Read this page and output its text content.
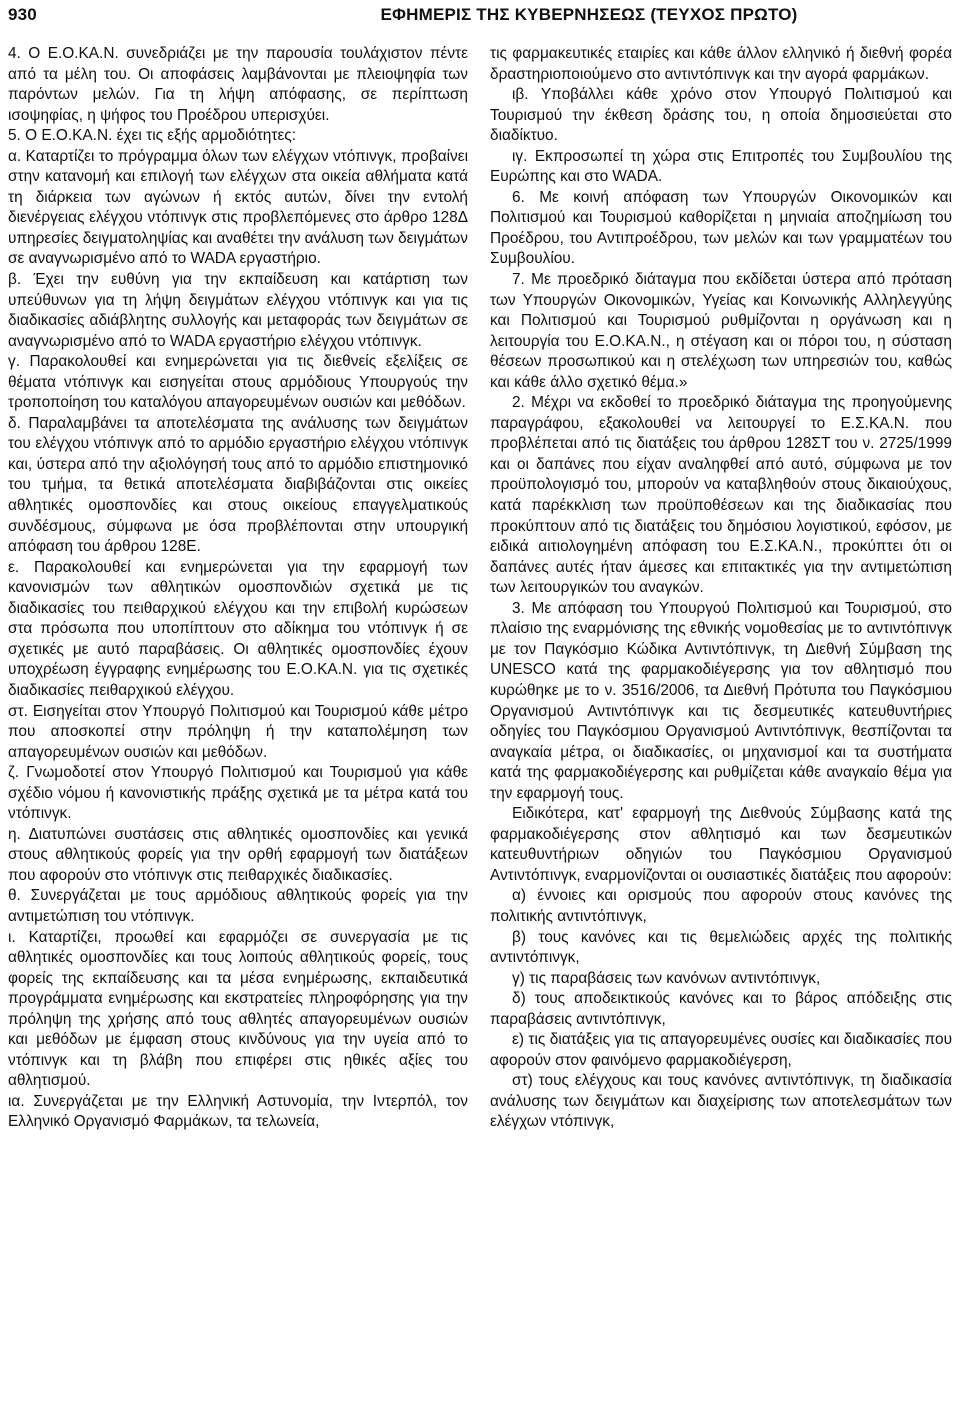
930	ΕΦΗΜΕΡΙΣ ΤΗΣ ΚΥΒΕΡΝΗΣΕΩΣ (ΤΕΥΧΟΣ ΠΡΩΤΟ)

4. Ο Ε.Ο.ΚΑ.Ν. συνεδριάζει με την παρουσία τουλάχιστον πέντε από τα μέλη του. Οι αποφάσεις λαμβάνονται με πλειοψηφία των παρόντων μελών. Για τη λήψη απόφασης, σε περίπτωση ισοψηφίας, η ψήφος του Προέδρου υπερισχύει.

5. Ο Ε.Ο.ΚΑ.Ν. έχει τις εξής αρμοδιότητες:

α. Καταρτίζει το πρόγραμμα όλων των ελέγχων ντόπινγκ, προβαίνει στην κατανομή και επιλογή των ελέγχων στα οικεία αθλήματα κατά τη διάρκεια των αγώνων ή εκτός αυτών, δίνει την εντολή διενέργειας ελέγχου ντόπινγκ στις προβλεπόμενες στο άρθρο 128Δ υπηρεσίες δειγματοληψίας και αναθέτει την ανάλυση των δειγμάτων σε αναγνωρισμένο από το WADA εργαστήριο.

β. Έχει την ευθύνη για την εκπαίδευση και κατάρτιση των υπεύθυνων για τη λήψη δειγμάτων ελέγχου ντόπινγκ και για τις διαδικασίες αδιάβλητης συλλογής και μεταφοράς των δειγμάτων σε αναγνωρισμένο από το WADA εργαστήριο ελέγχου ντόπινγκ.

γ. Παρακολουθεί και ενημερώνεται για τις διεθνείς εξελίξεις σε θέματα ντόπινγκ και εισηγείται στους αρμόδιους Υπουργούς την τροποποίηση του καταλόγου απαγορευμένων ουσιών και μεθόδων.

δ. Παραλαμβάνει τα αποτελέσματα της ανάλυσης των δειγμάτων του ελέγχου ντόπινγκ από το αρμόδιο εργαστήριο ελέγχου ντόπινγκ και, ύστερα από την αξιολόγησή τους από το αρμόδιο επιστημονικό του τμήμα, τα θετικά αποτελέσματα διαβιβάζονται στις οικείες αθλητικές ομοσπονδίες και στους οικείους επαγγελματικούς συνδέσμους, σύμφωνα με όσα προβλέπονται στην υπουργική απόφαση του άρθρου 128Ε.

ε. Παρακολουθεί και ενημερώνεται για την εφαρμογή των κανονισμών των αθλητικών ομοσπονδιών σχετικά με τις διαδικασίες του πειθαρχικού ελέγχου και την επιβολή κυρώσεων στα πρόσωπα που υποπίπτουν στο αδίκημα του ντόπινγκ ή σε σχετικές με αυτό παραβάσεις. Οι αθλητικές ομοσπονδίες έχουν υποχρέωση έγγραφης ενημέρωσης του Ε.Ο.ΚΑ.Ν. για τις σχετικές διαδικασίες πειθαρχικού ελέγχου.

στ. Εισηγείται στον Υπουργό Πολιτισμού και Τουρισμού κάθε μέτρο που αποσκοπεί στην πρόληψη ή την καταπολέμηση των απαγορευμένων ουσιών και μεθόδων.

ζ. Γνωμοδοτεί στον Υπουργό Πολιτισμού και Τουρισμού για κάθε σχέδιο νόμου ή κανονιστικής πράξης σχετικά με τα μέτρα κατά του ντόπινγκ.

η. Διατυπώνει συστάσεις στις αθλητικές ομοσπονδίες και γενικά στους αθλητικούς φορείς για την ορθή εφαρμογή των διατάξεων που αφορούν στο ντόπινγκ στις πειθαρχικές διαδικασίες.

θ. Συνεργάζεται με τους αρμόδιους αθλητικούς φορείς για την αντιμετώπιση του ντόπινγκ.

ι. Καταρτίζει, προωθεί και εφαρμόζει σε συνεργασία με τις αθλητικές ομοσπονδίες και τους λοιπούς αθλητικούς φορείς, τους φορείς της εκπαίδευσης και τα μέσα ενημέρωσης, εκπαιδευτικά προγράμματα ενημέρωσης και εκστρατείες πληροφόρησης για την πρόληψη της χρήσης από τους αθλητές απαγορευμένων ουσιών και μεθόδων με έμφαση στους κινδύνους για την υγεία από το ντόπινγκ και τη βλάβη που επιφέρει στις ηθικές αξίες του αθλητισμού.

ια. Συνεργάζεται με την Ελληνική Αστυνομία, την Ιντερπόλ, τον Ελληνικό Οργανισμό Φαρμάκων, τα τελωνεία,

τις φαρμακευτικές εταιρίες και κάθε άλλον ελληνικό ή διεθνή φορέα δραστηριοποιούμενο στο αντιντόπινγκ και την αγορά φαρμάκων.

ιβ. Υποβάλλει κάθε χρόνο στον Υπουργό Πολιτισμού και Τουρισμού την έκθεση δράσης του, η οποία δημοσιεύεται στο διαδίκτυο.

ιγ. Εκπροσωπεί τη χώρα στις Επιτροπές του Συμβουλίου της Ευρώπης και στο WADA.

6. Με κοινή απόφαση των Υπουργών Οικονομικών και Πολιτισμού και Τουρισμού καθορίζεται η μηνιαία αποζημίωση του Προέδρου, του Αντιπροέδρου, των μελών και των γραμματέων του Συμβουλίου.

7. Με προεδρικό διάταγμα που εκδίδεται ύστερα από πρόταση των Υπουργών Οικονομικών, Υγείας και Κοινωνικής Αλληλεγγύης και Πολιτισμού και Τουρισμού ρυθμίζονται η οργάνωση και η λειτουργία του Ε.Ο.ΚΑ.Ν., η στέγαση και οι πόροι του, η σύσταση θέσεων προσωπικού και η στελέχωση των υπηρεσιών του, καθώς και κάθε άλλο σχετικό θέμα.»

2. Μέχρι να εκδοθεί το προεδρικό διάταγμα της προηγούμενης παραγράφου, εξακολουθεί να λειτουργεί το Ε.Σ.ΚΑ.Ν. που προβλέπεται από τις διατάξεις του άρθρου 128ΣΤ του ν. 2725/1999 και οι δαπάνες που είχαν αναληφθεί από αυτό, σύμφωνα με τον προϋπολογισμό του, μπορούν να καταβληθούν στους δικαιούχους, κατά παρέκκλιση των προϋποθέσεων και της διαδικασίας που προκύπτουν από τις διατάξεις του δημόσιου λογιστικού, εφόσον, με ειδικά αιτιολογημένη απόφαση του Ε.Σ.ΚΑ.Ν., προκύπτει ότι οι δαπάνες αυτές ήταν άμεσες και επιτακτικές για την αντιμετώπιση των λειτουργικών του αναγκών.

3. Με απόφαση του Υπουργού Πολιτισμού και Τουρισμού, στο πλαίσιο της εναρμόνισης της εθνικής νομοθεσίας με το αντιντόπινγκ με τον Παγκόσμιο Κώδικα Αντιντόπινγκ, τη Διεθνή Σύμβαση της UNESCO κατά της φαρμακοδιέγερσης για τον αθλητισμό που κυρώθηκε με το ν. 3516/2006, τα Διεθνή Πρότυπα του Παγκόσμιου Οργανισμού Αντιντόπινγκ και τις δεσμευτικές κατευθυντήριες οδηγίες του Παγκόσμιου Οργανισμού Αντιντόπινγκ, θεσπίζονται τα αναγκαία μέτρα, οι διαδικασίες, οι μηχανισμοί και τα συστήματα κατά της φαρμακοδιέγερσης και ρυθμίζεται κάθε αναγκαίο θέμα για την εφαρμογή τους.

Ειδικότερα, κατ' εφαρμογή της Διεθνούς Σύμβασης κατά της φαρμακοδιέγερσης στον αθλητισμό και των δεσμευτικών κατευθυντήριων οδηγιών του Παγκόσμιου Οργανισμού Αντιντόπινγκ, εναρμονίζονται οι ουσιαστικές διατάξεις που αφορούν:

α) έννοιες και ορισμούς που αφορούν στους κανόνες της πολιτικής αντιντόπινγκ,

β) τους κανόνες και τις θεμελιώδεις αρχές της πολιτικής αντιντόπινγκ,

γ) τις παραβάσεις των κανόνων αντιντόπινγκ,

δ) τους αποδεικτικούς κανόνες και το βάρος απόδειξης στις παραβάσεις αντιντόπινγκ,

ε) τις διατάξεις για τις απαγορευμένες ουσίες και διαδικασίες που αφορούν στον φαινόμενο φαρμακοδιέγερση,

στ) τους ελέγχους και τους κανόνες αντιντόπινγκ, τη διαδικασία ανάλυσης των δειγμάτων και διαχείρισης των αποτελεσμάτων των ελέγχων ντόπινγκ,
